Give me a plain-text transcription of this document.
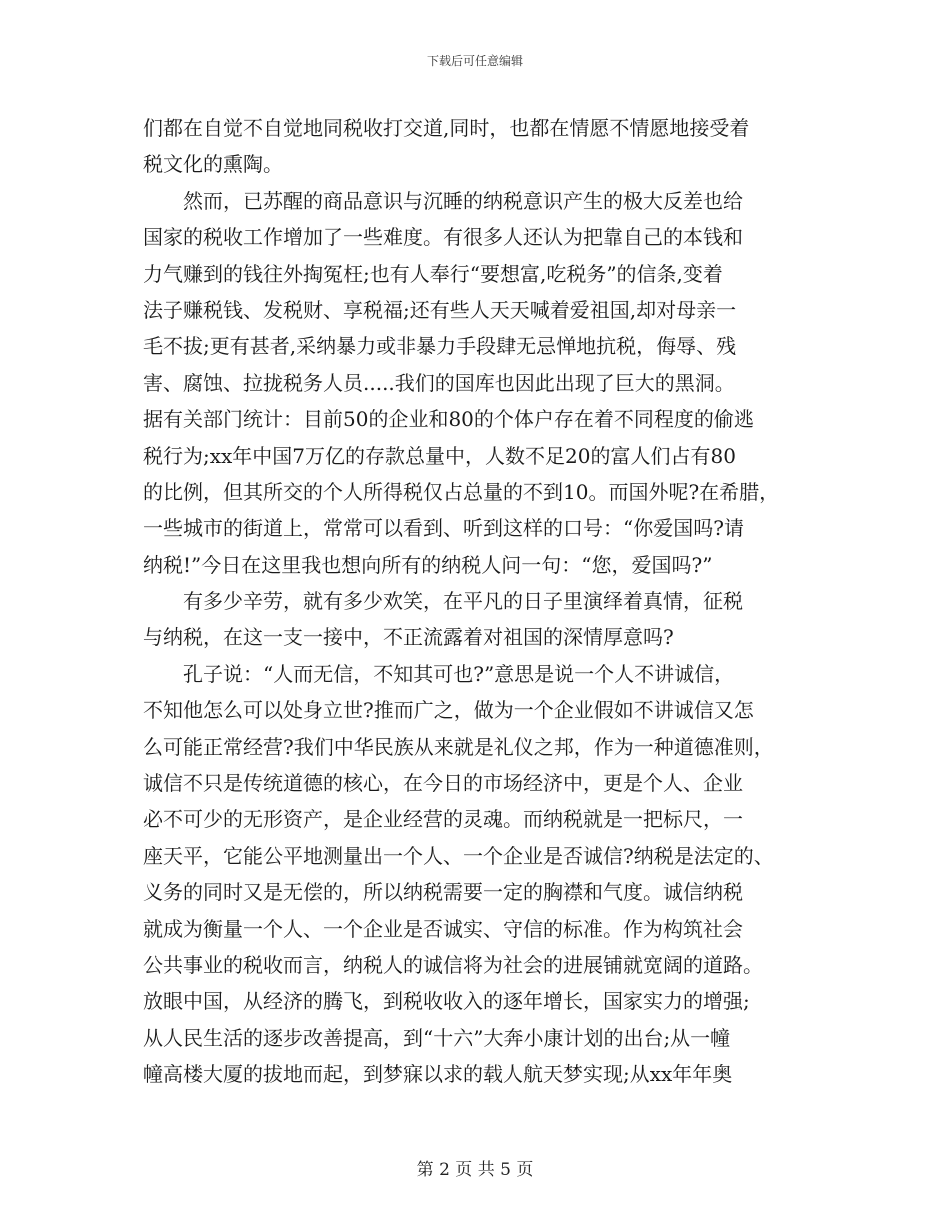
下载后可任意编辑
们都在自觉不自觉地同税收打交道,同时，也都在情愿不情愿地接受着
税文化的熏陶。
　　然而，已苏醒的商品意识与沉睡的纳税意识产生的极大反差也给
国家的税收工作增加了一些难度。有很多人还认为把靠自己的本钱和
力气赚到的钱往外掏冤枉;也有人奉行“要想富,吃税务”的信条,变着
法子赚税钱、发税财、享税福;还有些人天天喊着爱祖国,却对母亲一
毛不拔;更有甚者,采纳暴力或非暴力手段肆无忌惮地抗税，侮辱、残
害、腐蚀、拉拢税务人员.....我们的国库也因此出现了巨大的黑洞。
据有关部门统计：目前50的企业和80的个体户存在着不同程度的偷逃
税行为;xx年中国7万亿的存款总量中，人数不足20的富人们占有80
的比例，但其所交的个人所得税仅占总量的不到10。而国外呢?在希腊，
一些城市的街道上，常常可以看到、听到这样的口号：“你爱国吗?请
纳税!”今日在这里我也想向所有的纳税人问一句：“您，爱国吗?”
　　有多少辛劳，就有多少欢笑，在平凡的日子里演绎着真情，征税
与纳税，在这一支一接中，不正流露着对祖国的深情厚意吗?
　　孔子说：“人而无信，不知其可也?”意思是说一个人不讲诚信，
不知他怎么可以处身立世?推而广之，做为一个企业假如不讲诚信又怎
么可能正常经营?我们中华民族从来就是礼仪之邦，作为一种道德准则，
诚信不只是传统道德的核心，在今日的市场经济中，更是个人、企业
必不可少的无形资产，是企业经营的灵魂。而纳税就是一把标尺，一
座天平，它能公平地测量出一个人、一个企业是否诚信?纳税是法定的、
义务的同时又是无偿的，所以纳税需要一定的胸襟和气度。诚信纳税
就成为衡量一个人、一个企业是否诚实、守信的标准。作为构筑社会
公共事业的税收而言，纳税人的诚信将为社会的进展铺就宽阔的道路。
放眼中国，从经济的腾飞，到税收收入的逐年增长，国家实力的增强;
从人民生活的逐步改善提高，到“十六”大奔小康计划的出台;从一幢
幢高楼大厦的拔地而起，到梦寐以求的载人航天梦实现;从xx年年奥
第 2 页 共 5 页
